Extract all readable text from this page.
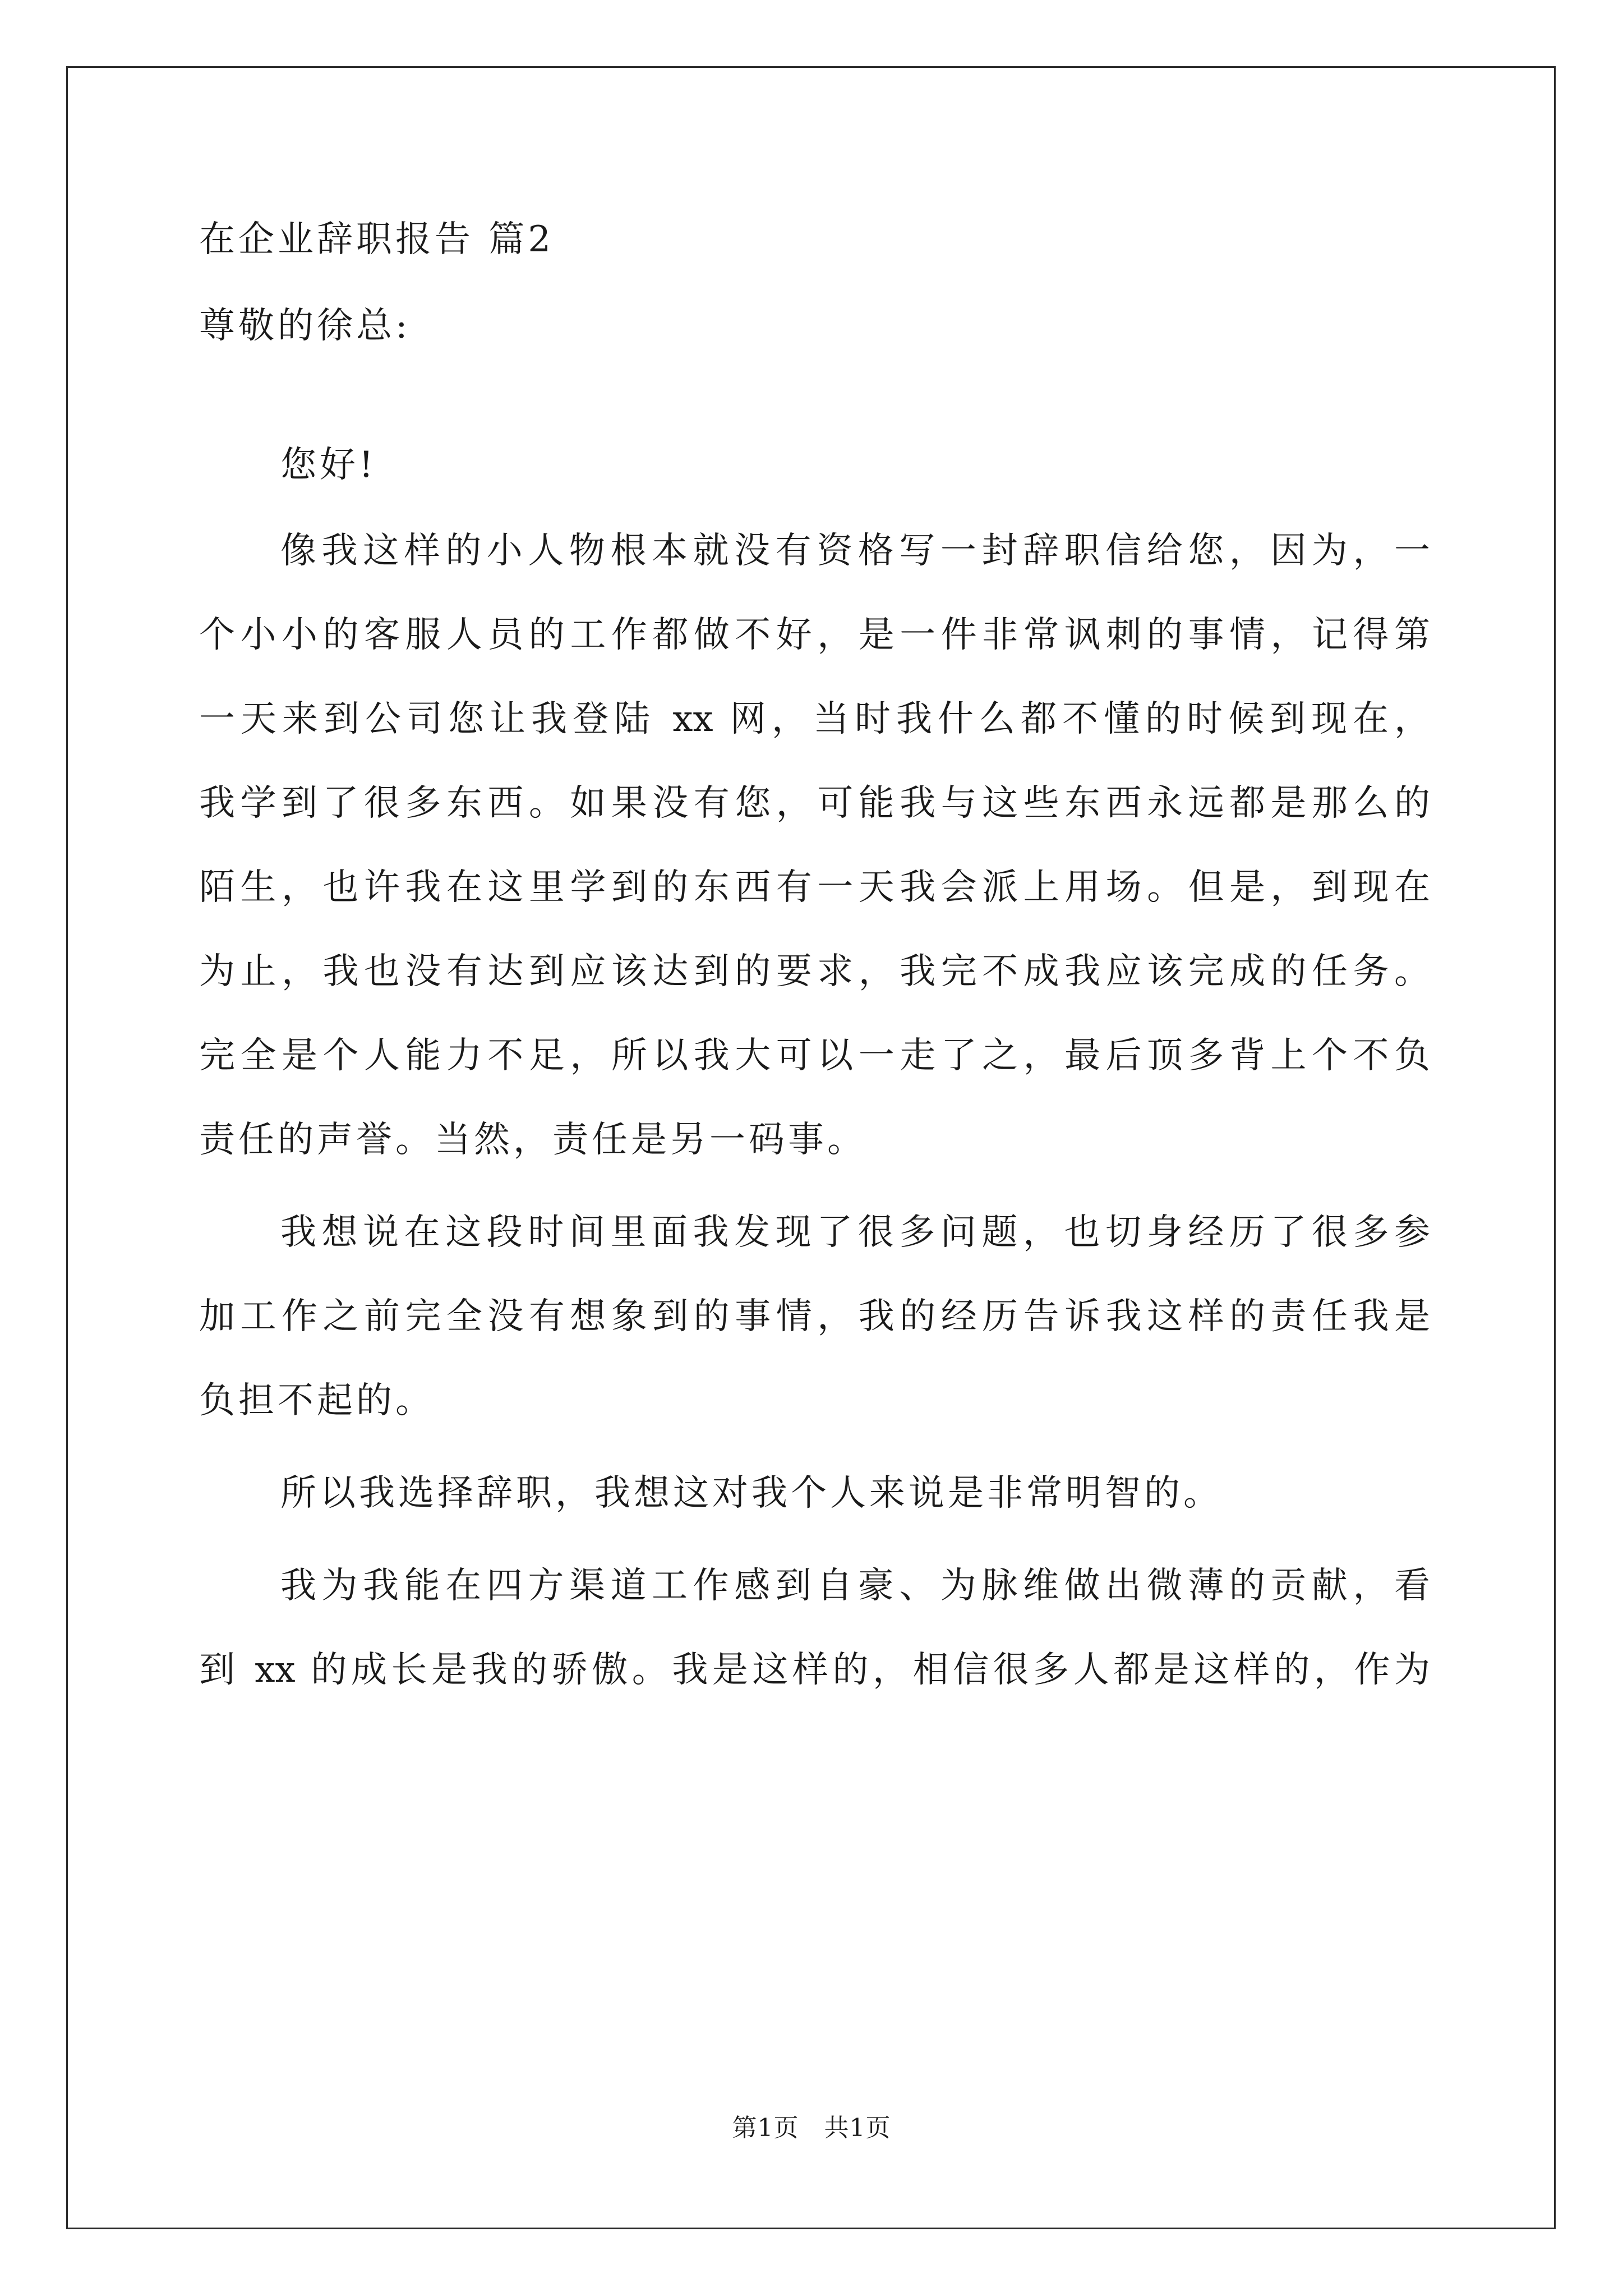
在企业辞职报告 篇2

尊敬的徐总:

您好!

像我这样的小人物根本就没有资格写一封辞职信给您，因为，一

个小小的客服人员的工作都做不好，是一件非常讽刺的事情，记得第

一天来到公司您让我登陆 xx 网，当时我什么都不懂的时候到现在，

我学到了很多东西。如果没有您，可能我与这些东西永远都是那么的

陌生，也许我在这里学到的东西有一天我会派上用场。但是，到现在

为止，我也没有达到应该达到的要求，我完不成我应该完成的任务。

完全是个人能力不足，所以我大可以一走了之，最后顶多背上个不负

责任的声誉。当然，责任是另一码事。

我想说在这段时间里面我发现了很多问题，也切身经历了很多参

加工作之前完全没有想象到的事情，我的经历告诉我这样的责任我是

负担不起的。

所以我选择辞职，我想这对我个人来说是非常明智的。

我为我能在四方渠道工作感到自豪、为脉维做出微薄的贡献，看

到 xx 的成长是我的骄傲。我是这样的，相信很多人都是这样的，作为

第1页   共1页
